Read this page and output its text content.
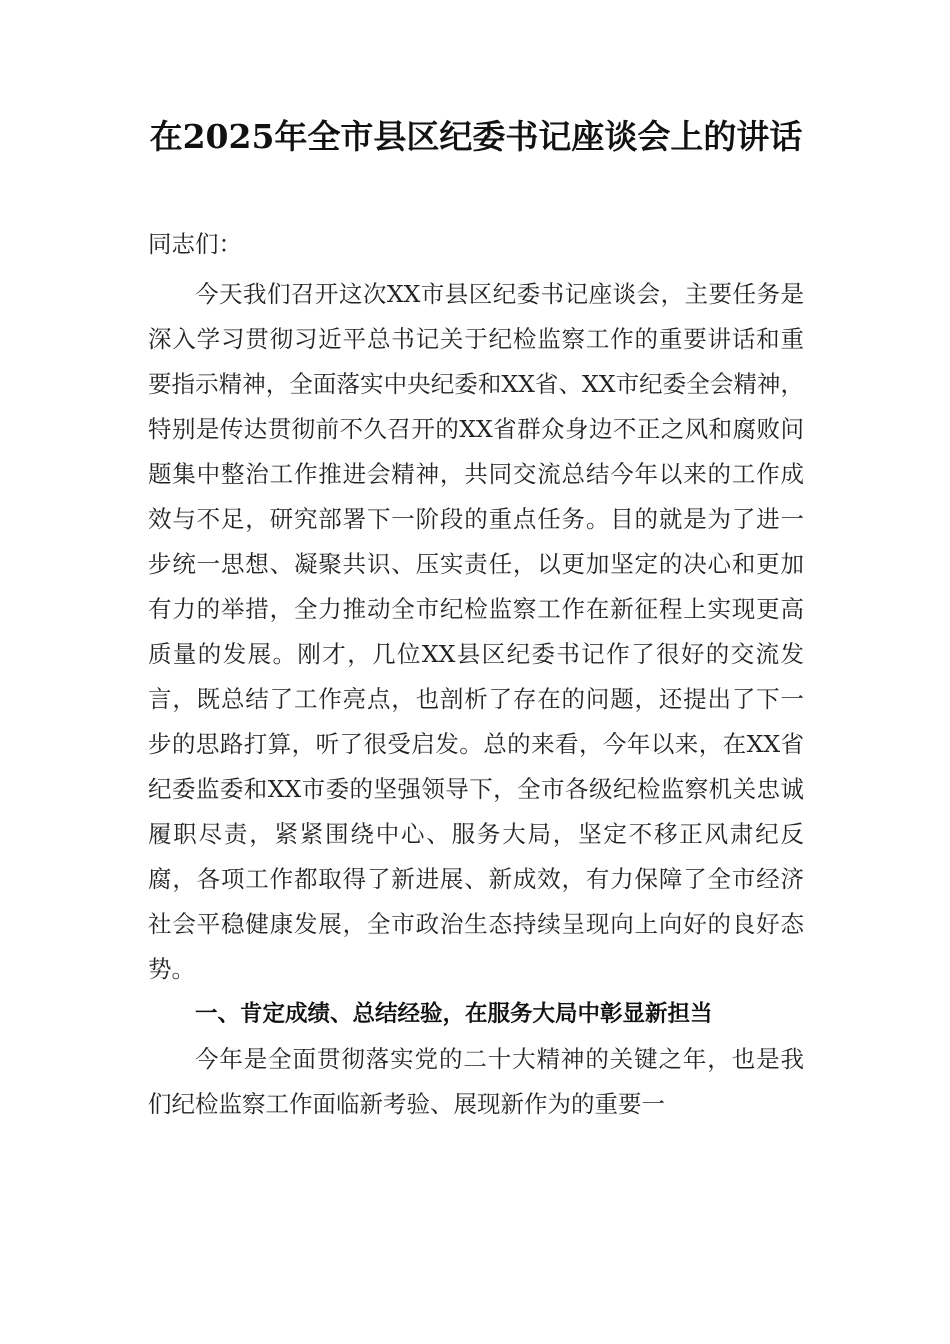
在2025年全市县区纪委书记座谈会上的讲话

同志们：

今天我们召开这次XX市县区纪委书记座谈会，主要任务是深入学习贯彻习近平总书记关于纪检监察工作的重要讲话和重要指示精神，全面落实中央纪委和XX省、XX市纪委全会精神，特别是传达贯彻前不久召开的XX省群众身边不正之风和腐败问题集中整治工作推进会精神，共同交流总结今年以来的工作成效与不足，研究部署下一阶段的重点任务。目的就是为了进一步统一思想、凝聚共识、压实责任，以更加坚定的决心和更加有力的举措，全力推动全市纪检监察工作在新征程上实现更高质量的发展。刚才，几位XX县区纪委书记作了很好的交流发言，既总结了工作亮点，也剖析了存在的问题，还提出了下一步的思路打算，听了很受启发。总的来看，今年以来，在XX省纪委监委和XX市委的坚强领导下，全市各级纪检监察机关忠诚履职尽责，紧紧围绕中心、服务大局，坚定不移正风肃纪反腐，各项工作都取得了新进展、新成效，有力保障了全市经济社会平稳健康发展，全市政治生态持续呈现向上向好的良好态势。

一、肯定成绩、总结经验，在服务大局中彰显新担当

今年是全面贯彻落实党的二十大精神的关键之年，也是我们纪检监察工作面临新考验、展现新作为的重要一
